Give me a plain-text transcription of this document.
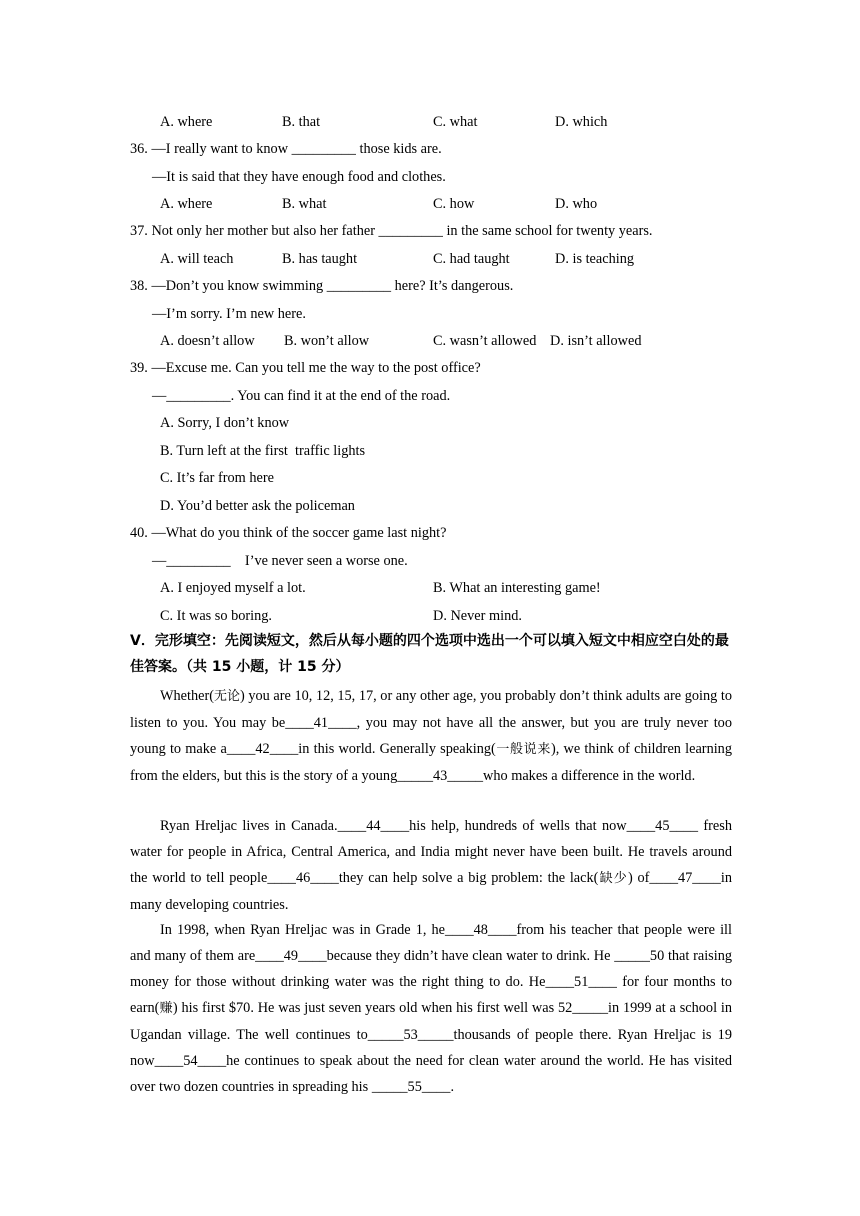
A. where	B. that	C. what	D. which
36. —I really want to know _________ those kids are.
—It is said that they have enough food and clothes.
A. where	B. what	C. how	D. who
37. Not only her mother but also her father _________ in the same school for twenty years.
A. will teach	B. has taught	C. had taught	D. is teaching
38. —Don’t you know swimming _________ here? It’s dangerous.
—I’m sorry. I’m new here.
A. doesn’t allow B. won’t allow	C. wasn’t allowed D. isn’t allowed
39. —Excuse me. Can you tell me the way to the post office?
—_________. You can find it at the end of the road.
A. Sorry, I don’t know
B. Turn left at the first  traffic lights
C. It’s far from here
D. You’d better ask the policeman
40. —What do you think of the soccer game last night?
—_________    I’ve never seen a worse one.
A. I enjoyed myself a lot.	B. What an interesting game!
C. It was so boring.	D. Never mind.
V．完形填空：先阅读短文，然后从每小题的四个选项中选出一个可以填入短文中相应空白处的最佳答案。（共 15 小题，计 15 分）
Whether(无论) you are 10, 12, 15, 17, or any other age, you probably don’t think adults are going to listen to you. You may be____41____, you may not have all the answer, but you are truly never too young to make a____42____in this world. Generally speaking(一般说来), we think of children learning from the elders, but this is the story of a young_____43_____who makes a difference in the world.
Ryan Hreljac lives in Canada.____44____his help, hundreds of wells that now____45____ fresh water for people in Africa, Central America, and India might never have been built. He travels around the world to tell people____46____they can help solve a big problem: the lack(缺少) of____47____in many developing countries.
In 1998, when Ryan Hreljac was in Grade 1, he____48____from his teacher that people were ill and many of them are____49____because they didn’t have clean water to drink. He _____50 that raising money for those without drinking water was the right thing to do. He____51____ for four months to earn(赚) his first $70. He was just seven years old when his first well was 52_____in 1999 at a school in Ugandan village. The well continues to_____53_____thousands of people there. Ryan Hreljac is 19 now____54____he continues to speak about the need for clean water around the world. He has visited over two dozen countries in spreading his _____55____.
